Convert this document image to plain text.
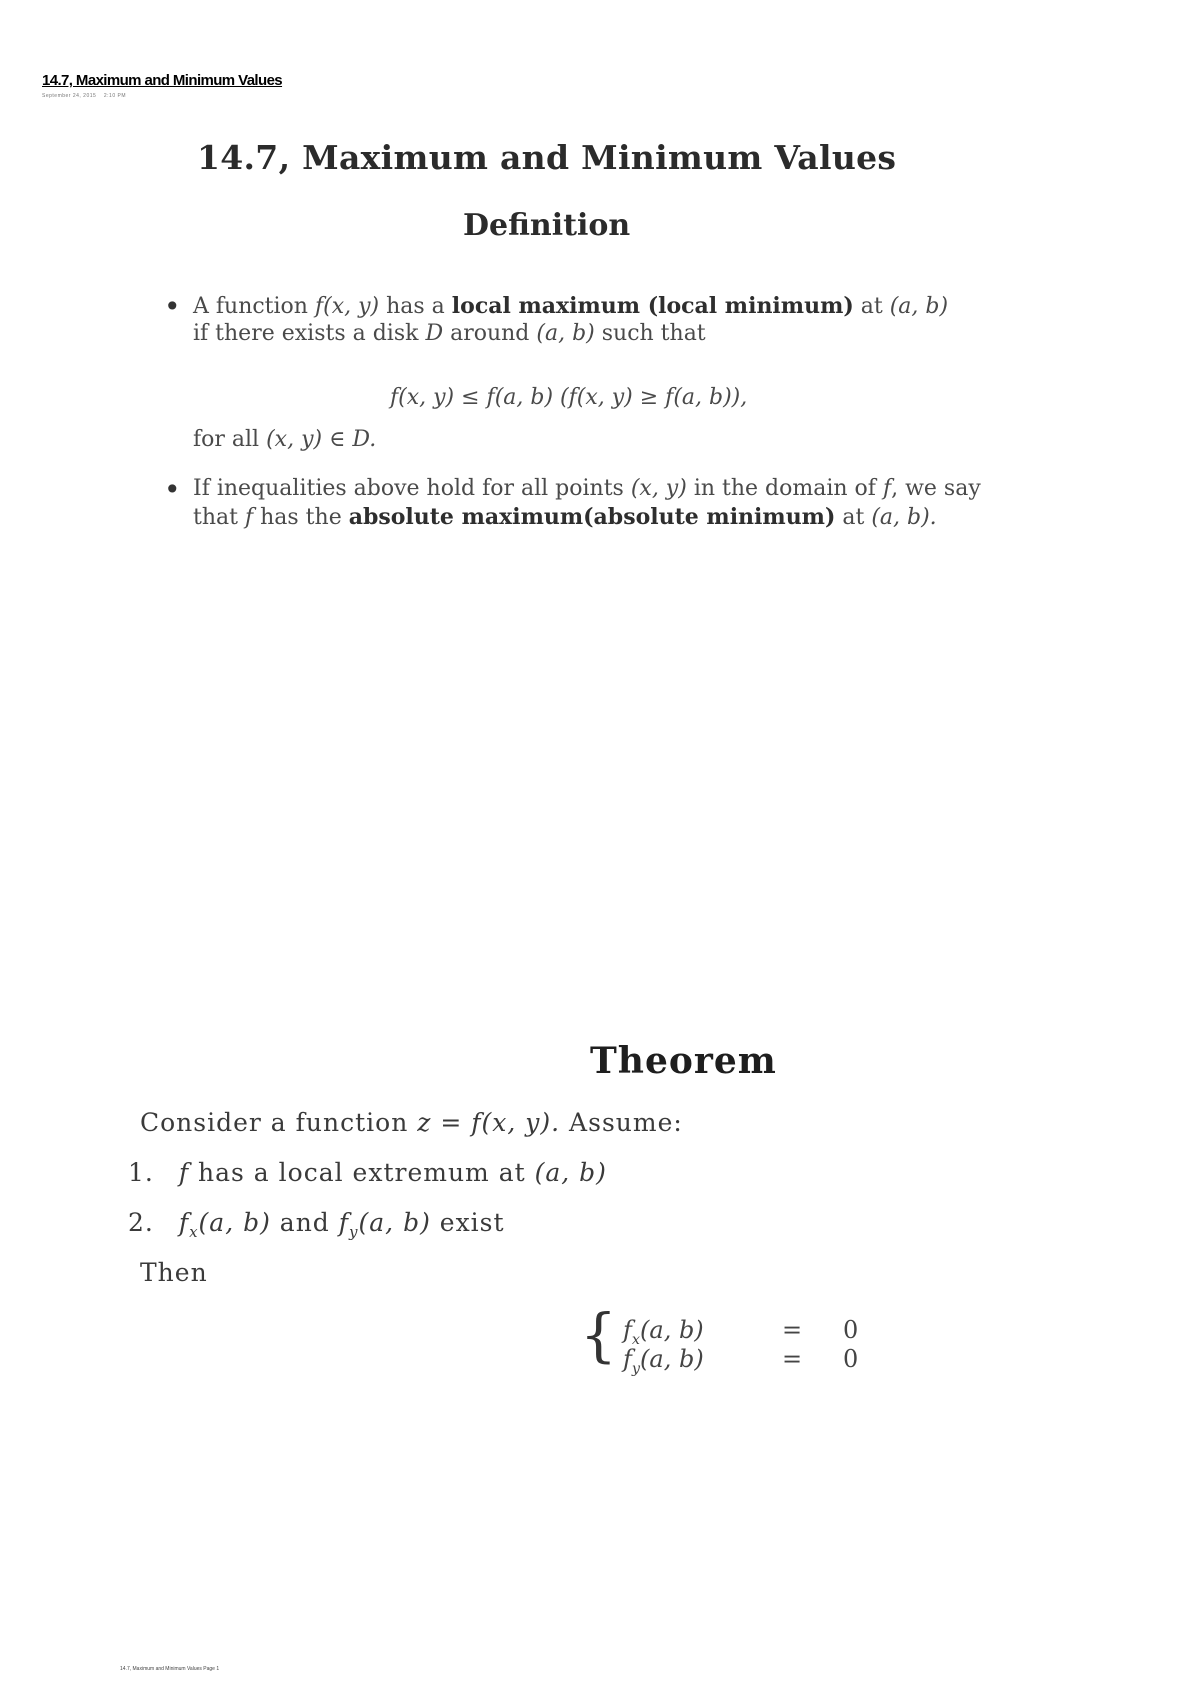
14.7, Maximum and Minimum Values
September 24, 2015    2:10 PM
14.7, Maximum and Minimum Values
Definition
• A function f(x, y) has a local maximum (local minimum) at (a, b)
if there exists a disk D around (a, b) such that
f(x, y) ≤ f(a, b) (f(x, y) ≥ f(a, b)),
for all (x, y) ∈ D.
• If inequalities above hold for all points (x, y) in the domain of f, we say
that f has the absolute maximum(absolute minimum) at (a, b).
Theorem
Consider a function z = f(x, y). Assume:
1. f has a local extremum at (a, b)
2. $f_x(a$, b) and $f_y(a$, b) exist
Then
{ $f_x(a$, b)
$f_y(a$, b)
=
=
0
0
14.7, Maximum and Minimum Values Page 1
